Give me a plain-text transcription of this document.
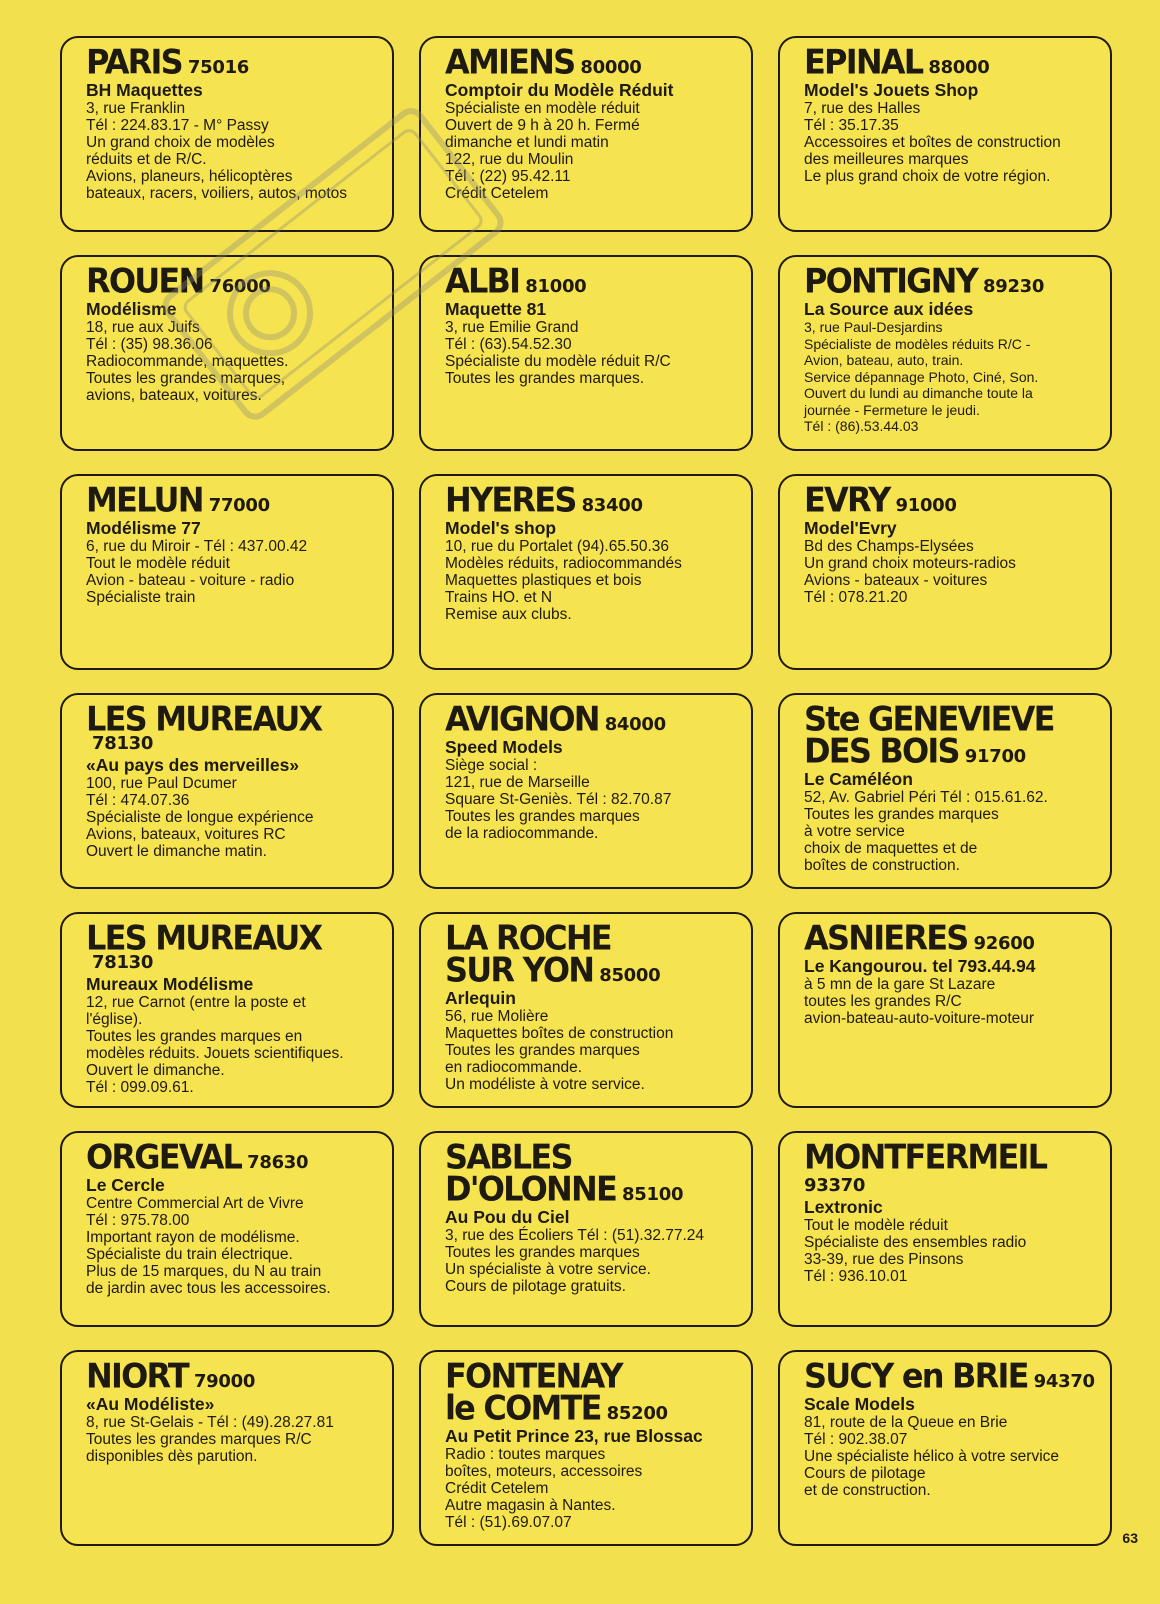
PARIS 75016
BH Maquettes
3, rue Franklin
Tél : 224.83.17 - M° Passy
Un grand choix de modèles
réduits et de R/C.
Avions, planeurs, hélicoptères
bateaux, racers, voiliers, autos, motos
AMIENS 80000
Comptoir du Modèle Réduit
Spécialiste en modèle réduit
Ouvert de 9 h à 20 h. Fermé
dimanche et lundi matin
122, rue du Moulin
Tél : (22) 95.42.11
Crédit Cetelem
EPINAL 88000
Model's Jouets Shop
7, rue des Halles
Tél : 35.17.35
Accessoires et boîtes de construction
des meilleures marques
Le plus grand choix de votre région.
ROUEN 76000
Modélisme
18, rue aux Juifs
Tél : (35) 98.36.06
Radiocommande, maquettes.
Toutes les grandes marques,
avions, bateaux, voitures.
ALBI 81000
Maquette 81
3, rue Emilie Grand
Tél : (63).54.52.30
Spécialiste du modèle réduit R/C
Toutes les grandes marques.
PONTIGNY 89230
La Source aux idées
3, rue Paul-Desjardins
Spécialiste de modèles réduits R/C -
Avion, bateau, auto, train.
Service dépannage Photo, Ciné, Son.
Ouvert du lundi au dimanche toute la
journée - Fermeture le jeudi.
Tél : (86).53.44.03
MELUN 77000
Modélisme 77
6, rue du Miroir - Tél : 437.00.42
Tout le modèle réduit
Avion - bateau - voiture - radio
Spécialiste train
HYERES 83400
Model's shop
10, rue du Portalet (94).65.50.36
Modèles réduits, radiocommandés
Maquettes plastiques et bois
Trains HO. et N
Remise aux clubs.
EVRY 91000
Model'Evry
Bd des Champs-Elysées
Un grand choix moteurs-radios
Avions - bateaux - voitures
Tél : 078.21.20
LES MUREAUX78130
«Au pays des merveilles»
100, rue Paul Dcumer
Tél : 474.07.36
Spécialiste de longue expérience
Avions, bateaux, voitures RC
Ouvert le dimanche matin.
AVIGNON 84000
Speed Models
Siège social :
121, rue de Marseille
Square St-Geniès. Tél : 82.70.87
Toutes les grandes marques
de la radiocommande.
Ste GENEVIEVE
DES BOIS 91700
Le Caméléon
52, Av. Gabriel Péri Tél : 015.61.62.
Toutes les grandes marques
à votre service
choix de maquettes et de
boîtes de construction.
LES MUREAUX78130
Mureaux Modélisme
12, rue Carnot (entre la poste et
l'église).
Toutes les grandes marques en
modèles réduits. Jouets scientifiques.
Ouvert le dimanche.
Tél : 099.09.61.
LA ROCHE
SUR YON 85000
Arlequin
56, rue Molière
Maquettes boîtes de construction
Toutes les grandes marques
en radiocommande.
Un modéliste à votre service.
ASNIERES 92600
Le Kangourou. tel 793.44.94
à 5 mn de la gare St Lazare
toutes les grandes R/C
avion-bateau-auto-voiture-moteur
ORGEVAL 78630
Le Cercle
Centre Commercial Art de Vivre
Tél : 975.78.00
Important rayon de modélisme.
Spécialiste du train électrique.
Plus de 15 marques, du N au train
de jardin avec tous les accessoires.
SABLES
D'OLONNE 85100
Au Pou du Ciel
3, rue des Écoliers Tél : (51).32.77.24
Toutes les grandes marques
Un spécialiste à votre service.
Cours de pilotage gratuits.
MONTFERMEIL
93370
Lextronic
Tout le modèle réduit
Spécialiste des ensembles radio
33-39, rue des Pinsons
Tél : 936.10.01
NIORT 79000
«Au Modéliste»
8, rue St-Gelais - Tél : (49).28.27.81
Toutes les grandes marques R/C
disponibles dès parution.
FONTENAY
le COMTE 85200
Au Petit Prince 23, rue Blossac
Radio : toutes marques
boîtes, moteurs, accessoires
Crédit Cetelem
Autre magasin à Nantes.
Tél : (51).69.07.07
SUCY en BRIE 94370
Scale Models
81, route de la Queue en Brie
Tél : 902.38.07
Une spécialiste hélico à votre service
Cours de pilotage
et de construction.
63
